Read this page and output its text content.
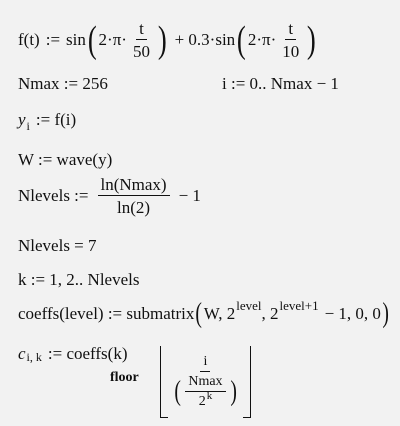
f(t) := sin ( $2\cdot\pi\cdot \frac{t}{50}$ ) + 0.3· sin ( $2\cdot\pi\cdot \frac{t}{10}$ )
Nmax := 256	i := 0.. Nmax − 1
y i := f(i)
W := wave(y)
Nlevels := $\frac{\ln(Nmax)}{\ln(2)} - 1$
Nlevels = 7
k := 1, 2.. Nlevels
coeffs(level) := submatrix ( W, 2 level , 2 level+1 − 1, 0, 0 )
c i, k := coeffs(k)
floor
i
( $\frac{Nmax}{2^k}$ )
